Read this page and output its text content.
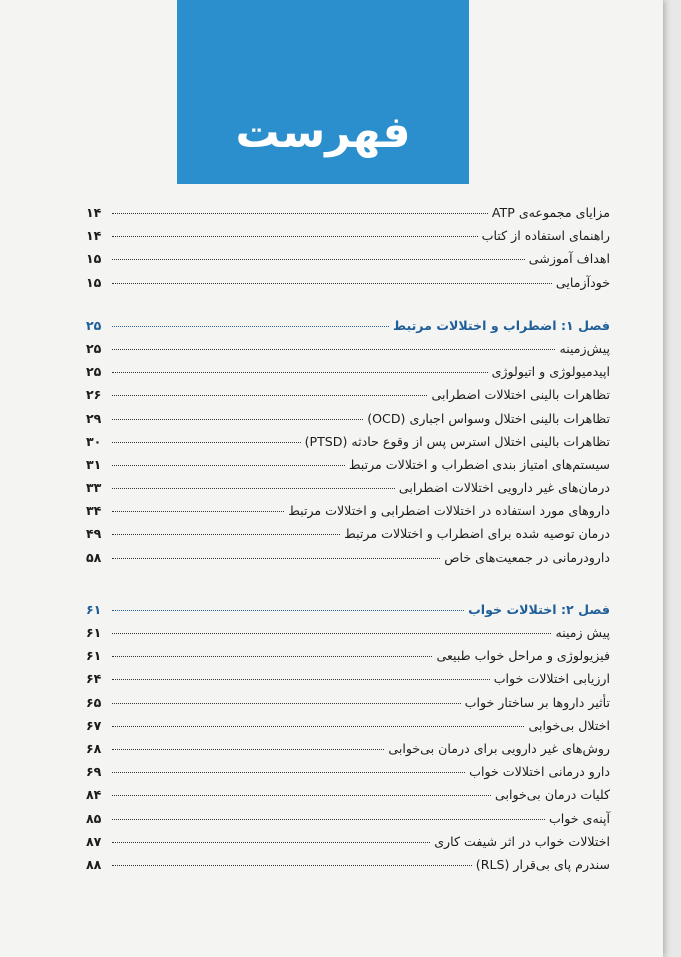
فهرست
مزایای مجموعه‌ی ATP
۱۴
راهنمای استفاده از کتاب
۱۴
اهداف آموزشی
۱۵
خودآزمایی
۱۵
فصل ۱: اضطراب و اختلالات مرتبط
۲۵
پیش‌زمینه
۲۵
اپیدمیولوژی و اتیولوژی
۲۵
تظاهرات بالینی اختلالات اضطرابی
۲۶
تظاهرات بالینی اختلال وسواس اجباری (OCD)
۲۹
تظاهرات بالینی اختلال استرس پس از وقوع حادثه (PTSD)
۳۰
سیستم‌های امتیاز بندی اضطراب و اختلالات مرتبط
۳۱
درمان‌های غیر دارویی اختلالات اضطرابی
۳۳
داروهای مورد استفاده در اختلالات اضطرابی و اختلالات مرتبط
۳۴
درمان توصیه شده برای اضطراب و اختلالات مرتبط
۴۹
دارودرمانی در جمعیت‌های خاص
۵۸
فصل ۲: اختلالات خواب
۶۱
پیش زمینه
۶۱
فیزیولوژی و مراحل خواب طبیعی
۶۱
ارزیابی اختلالات خواب
۶۴
تأثیر داروها بر ساختار خواب
۶۵
اختلال بی‌خوابی
۶۷
روش‌های غیر دارویی برای درمان بی‌خوابی
۶۸
دارو درمانی اختلالات خواب
۶۹
کلیات درمان بی‌خوابی
۸۴
آپنه‌ی خواب
۸۵
اختلالات خواب در اثر شیفت کاری
۸۷
سندرم پای بی‌قرار (RLS)
۸۸
